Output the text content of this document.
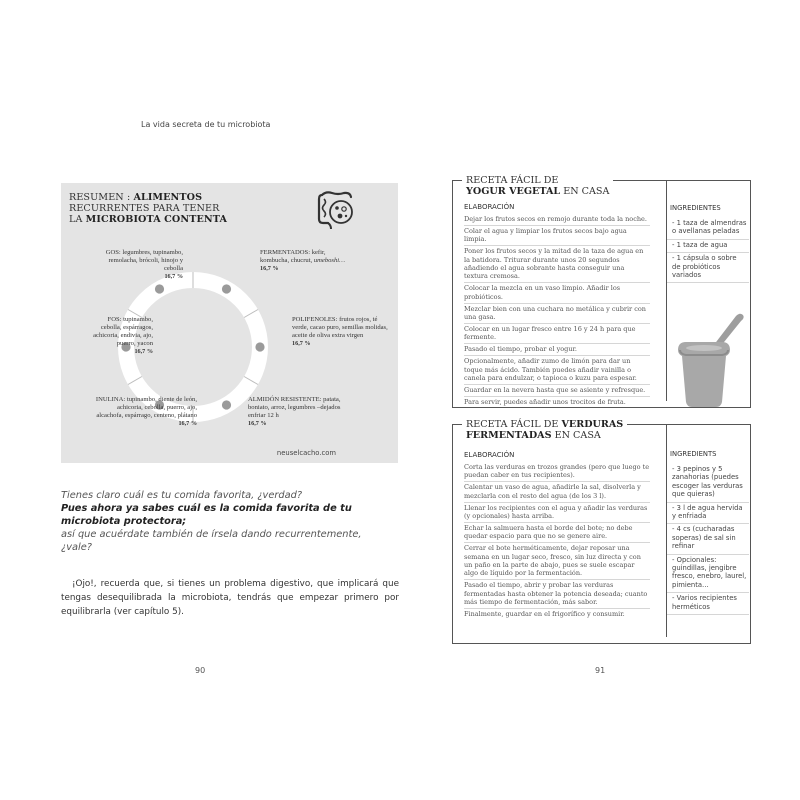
La vida secreta de tu microbiota
RESUMEN : ALIMENTOS
RECURRENTES PARA TENER
LA MICROBIOTA CONTENTA
GOS: legumbres, tupinambo, remolacha, brócoli, hinojo y cebolla
16,7 %
FERMENTADOS: kefir, kombucha, chucrut, umeboshi…
16,7 %
FOS: tupinambo, cebolla, espárragos, achicoria, endivia, ajo, puerro, yacon
16,7 %
POLIFENOLES: frutos rojos, té verde, cacao puro, semillas molidas, aceite de oliva extra virgen
16,7 %
INULINA: tupinambo, diente de león, achicoria, cebolla, puerro, ajo, alcachofa, espárrago, centeno, plátano
16,7 %
ALMIDÓN RESISTENTE: patata, boniato, arroz, legumbres –dejados enfriar 12 h
16,7 %
neuselcacho.com
Tienes claro cuál es tu comida favorita, ¿verdad?
Pues ahora ya sabes cuál es la comida favorita de tu microbiota protectora;
así que acuérdate también de írsela dando recurrentemente, ¿vale?
¡Ojo!, recuerda que, si tienes un problema digestivo, que implicará que tengas desequilibrada la microbiota, tendrás que empezar primero por equilibrarla (ver capítulo 5).
90	91
RECETA FÁCIL DE
YOGUR VEGETAL EN CASA
ELABORACIÓN
Dejar los frutos secos en remojo durante toda la noche.
Colar el agua y limpiar los frutos secos bajo agua limpia.
Poner los frutos secos y la mitad de la taza de agua en la batidora. Triturar durante unos 20 segundos añadiendo el agua sobrante hasta conseguir una textura cremosa.
Colocar la mezcla en un vaso limpio. Añadir los probióticos.
Mezclar bien con una cuchara no metálica y cubrir con una gasa.
Colocar en un lugar fresco entre 16 y 24 h para que fermente.
Pasado el tiempo, probar el yogur.
Opcionalmente, añadir zumo de limón para dar un toque más ácido. También puedes añadir vainilla o canela para endulzar, o tapioca o kuzu para espesar.
Guardar en la nevera hasta que se asiente y refresque.
Para servir, puedes añadir unos trocitos de fruta.
INGREDIENTES
- 1 taza de almendras o avellanas peladas
- 1 taza de agua
- 1 cápsula o sobre de probióticos variados
RECETA FÁCIL DE VERDURAS
FERMENTADAS EN CASA
ELABORACIÓN
Corta las verduras en trozos grandes (pero que luego te puedan caber en tus recipientes).
Calentar un vaso de agua, añadirle la sal, disolverla y mezclarla con el resto del agua (de los 3 l).
Llenar los recipientes con el agua y añadir las verduras (y opcionales) hasta arriba.
Echar la salmuera hasta el borde del bote; no debe quedar espacio para que no se genere aire.
Cerrar el bote herméticamente, dejar reposar una semana en un lugar seco, fresco, sin luz directa y con un paño en la parte de abajo, pues se suele escapar algo de líquido por la fermentación.
Pasado el tiempo, abrir y probar las verduras fermentadas hasta obtener la potencia deseada; cuanto más tiempo de fermentación, más sabor.
Finalmente, guardar en el frigorífico y consumir.
INGREDIENTS
- 3 pepinos y 5 zanahorias (puedes escoger las verduras que quieras)
- 3 l de agua hervida y enfriada
- 4 cs (cucharadas soperas) de sal sin refinar
- Opcionales: guindillas, jengibre fresco, enebro, laurel, pimienta…
- Varios recipientes herméticos
